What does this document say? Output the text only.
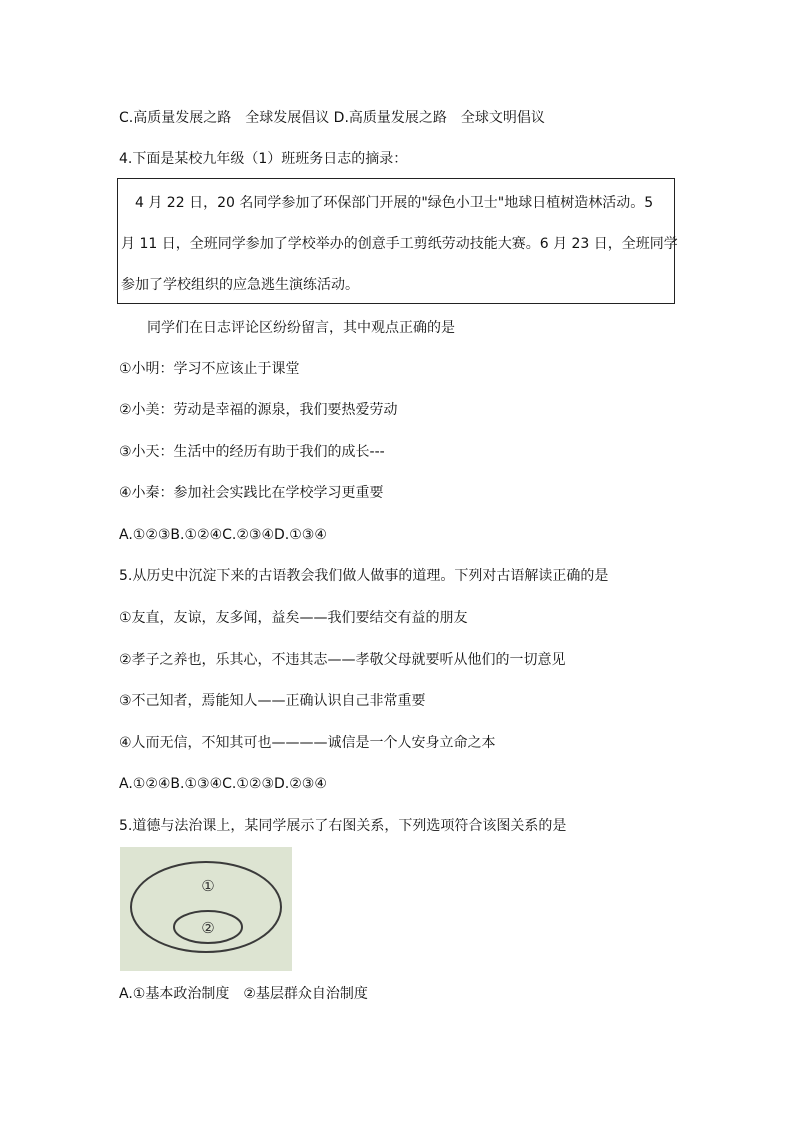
C.高质量发展之路　全球发展倡议 D.高质量发展之路　全球文明倡议
4.下面是某校九年级（1）班班务日志的摘录：
　4 月 22 日，20 名同学参加了环保部门开展的"绿色小卫士"地球日植树造林活动。5
月 11 日，全班同学参加了学校举办的创意手工剪纸劳动技能大赛。6 月 23 日，全班同学
参加了学校组织的应急逃生演练活动。
同学们在日志评论区纷纷留言，其中观点正确的是
①小明：学习不应该止于课堂
②小美：劳动是幸福的源泉，我们要热爱劳动
③小天：生活中的经历有助于我们的成长---
④小秦：参加社会实践比在学校学习更重要
A.①②③B.①②④C.②③④D.①③④
5.从历史中沉淀下来的古语教会我们做人做事的道理。下列对古语解读正确的是
①友直，友谅，友多闻，益矣——我们要结交有益的朋友
②孝子之养也，乐其心，不违其志——孝敬父母就要听从他们的一切意见
③不己知者，焉能知人——正确认识自己非常重要
④人而无信，不知其可也————诚信是一个人安身立命之本
A.①②④B.①③④C.①②③D.②③④
5.道德与法治课上，某同学展示了右图关系，下列选项符合该图关系的是
①
②
A.①基本政治制度　②基层群众自治制度
